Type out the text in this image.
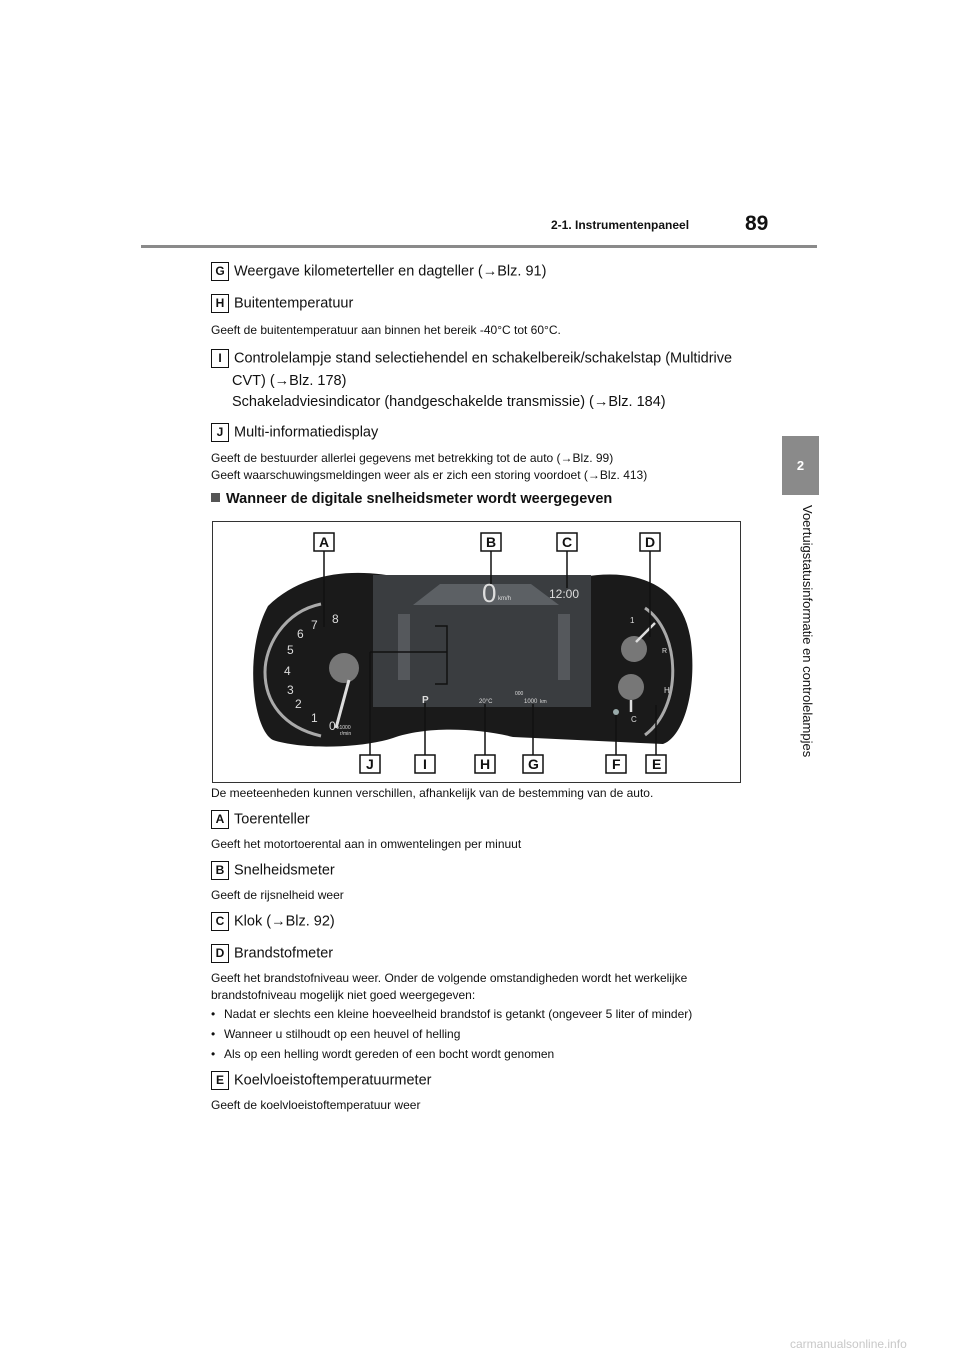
2-1. Instrumentenpaneel	89
2
Voertuigstatusinformatie en controlelampjes
G Weergave kilometerteller en dagteller (→Blz. 91)
H Buitentemperatuur
Geeft de buitentemperatuur aan binnen het bereik -40°C tot 60°C.
I Controlelampje stand selectiehendel en schakelbereik/schakelstap (Multidrive
CVT) (→Blz. 178)
Schakeladviesindicator (handgeschakelde transmissie) (→Blz. 184)
J Multi-informatiedisplay
Geeft de bestuurder allerlei gegevens met betrekking tot de auto (→Blz. 99)
Geeft waarschuwingsmeldingen weer als er zich een storing voordoet (→Blz. 413)
Wanneer de digitale snelheidsmeter wordt weergegeven
8
7
6
5
4
3
2
1
0 x1000
r/min
0 km/h	12:00
P	20°C
000
1000 km
1
R
H
C
A	B	C	D
J	I	H	G	F E
De meeteenheden kunnen verschillen, afhankelijk van de bestemming van de auto.
A Toerenteller
Geeft het motortoerental aan in omwentelingen per minuut
B Snelheidsmeter
Geeft de rijsnelheid weer
C Klok (→Blz. 92)
D Brandstofmeter
Geeft het brandstofniveau weer. Onder de volgende omstandigheden wordt het werkelijke
brandstofniveau mogelijk niet goed weergegeven:
• Nadat er slechts een kleine hoeveelheid brandstof is getankt (ongeveer 5 liter of minder)
• Wanneer u stilhoudt op een heuvel of helling
• Als op een helling wordt gereden of een bocht wordt genomen
E Koelvloeistoftemperatuurmeter
Geeft de koelvloeistoftemperatuur weer
carmanualsonline.info
